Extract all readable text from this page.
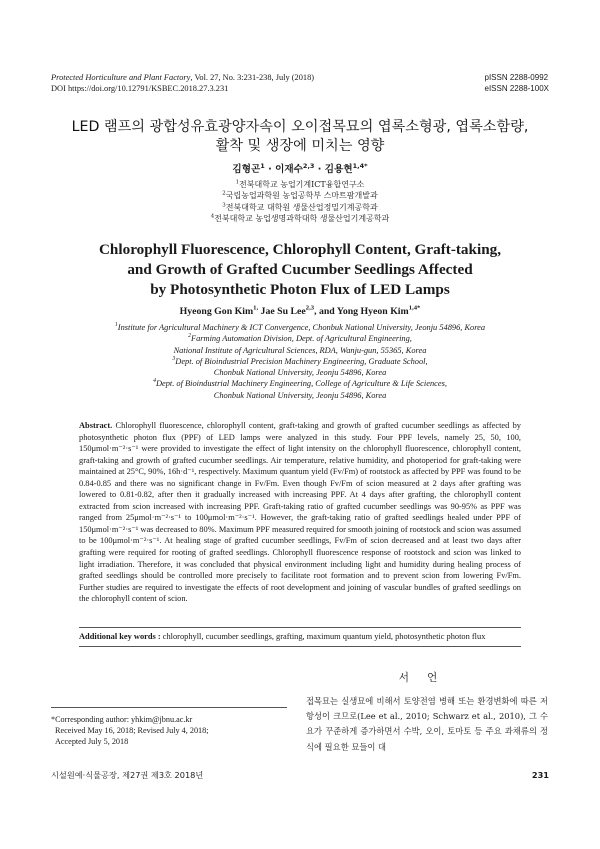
Protected Horticulture and Plant Factory, Vol. 27, No. 3:231-238, July (2018)
DOI https://doi.org/10.12791/KSBEC.2018.27.3.231
pISSN 2288-0992
eISSN 2288-100X
LED 램프의 광합성유효광양자속이 오이접목묘의 엽록소형광, 엽록소함량,
활착 및 생장에 미치는 영향
김형곤$^1$ · 이재수$^{2,3}$ · 김용현$^{1,4*}$
$^1$전북대학교 농업기계ICT융합연구소
$^2$국립농업과학원 농업공학부 스마트팜개발과
$^3$전북대학교 대학원 생물산업정밀기계공학과
$^4$전북대학교 농업생명과학대학 생물산업기계공학과
Chlorophyll Fluorescence, Chlorophyll Content, Graft-taking,
and Growth of Grafted Cucumber Seedlings Affected
by Photosynthetic Photon Flux of LED Lamps
Hyeong Gon Kim$^{1,}$ Jae Su Lee$^{2,3}$, and Yong Hyeon Kim$^{1,4*}$
$^1$Institute for Agricultural Machinery & ICT Convergence, Chonbuk National University, Jeonju 54896, Korea
$^2$Farming Automation Division, Dept. of Agricultural Engineering,
National Institute of Agricultural Sciences, RDA, Wanju-gun, 55365, Korea
$^3$Dept. of Bioindustrial Precision Machinery Engineering, Graduate School,
Chonbuk National University, Jeonju 54896, Korea
$^4$Dept. of Bioindustrial Machinery Engineering, College of Agriculture & Life Sciences,
Chonbuk National University, Jeonju 54896, Korea
Abstract. Chlorophyll fluorescence, chlorophyll content, graft-taking and growth of grafted cucumber seedlings as affected by photosynthetic photon flux (PPF) of LED lamps were analyzed in this study. Four PPF levels, namely 25, 50, 100, 150μmol·m⁻²·s⁻¹ were provided to investigate the effect of light intensity on the chlorophyll fluorescence, chlorophyll content, graft-taking and growth of grafted cucumber seedlings. Air temperature, relative humidity, and photoperiod for graft-taking were maintained at 25°C, 90%, 16h·d⁻¹, respectively. Maximum quantum yield (Fv/Fm) of rootstock as affected by PPF was found to be 0.84-0.85 and there was no significant change in Fv/Fm. Even though Fv/Fm of scion measured at 2 days after grafting was lowered to 0.81-0.82, after then it gradually increased with increasing PPF. At 4 days after grafting, the chlorophyll content extracted from scion increased with increasing PPF. Graft-taking ratio of grafted cucumber seedlings was 90-95% as PPF was ranged from 25μmol·m⁻²·s⁻¹ to 100μmol·m⁻²·s⁻¹. However, the graft-taking ratio of grafted seedlings healed under PPF of 150μmol·m⁻²·s⁻¹ was decreased to 80%. Maximum PPF measured required for smooth joining of rootstock and scion was assumed to be 100μmol·m⁻²·s⁻¹. At healing stage of grafted cucumber seedlings, Fv/Fm of scion decreased and at least two days after grafting were required for rooting of grafted seedlings. Chlorophyll fluorescence response of rootstock and scion was linked to light irradiation. Therefore, it was concluded that physical environment including light and humidity during healing process of grafted seedlings should be controlled more precisely to facilitate root formation and to prevent scion from lowering Fv/Fm. Further studies are required to investigate the effects of root development and joining of vascular bundles of grafted seedlings on the chlorophyll content of scion.
Additional key words : chlorophyll, cucumber seedlings, grafting, maximum quantum yield, photosynthetic photon flux
서언
접목묘는 실생묘에 비해서 토양전염 병해 또는 환경변화에 따른 저항성이 크므로(Lee et al., 2010; Schwarz et al., 2010), 그 수요가 꾸준하게 증가하면서 수박, 오이, 토마토 등 주요 과채류의 정식에 필요한 묘들이 대
*Corresponding author: yhkim@jbnu.ac.kr
Received May 16, 2018; Revised July 4, 2018;
Accepted July 5, 2018
시설원예·식물공장, 제27권 제3호 2018년	231
